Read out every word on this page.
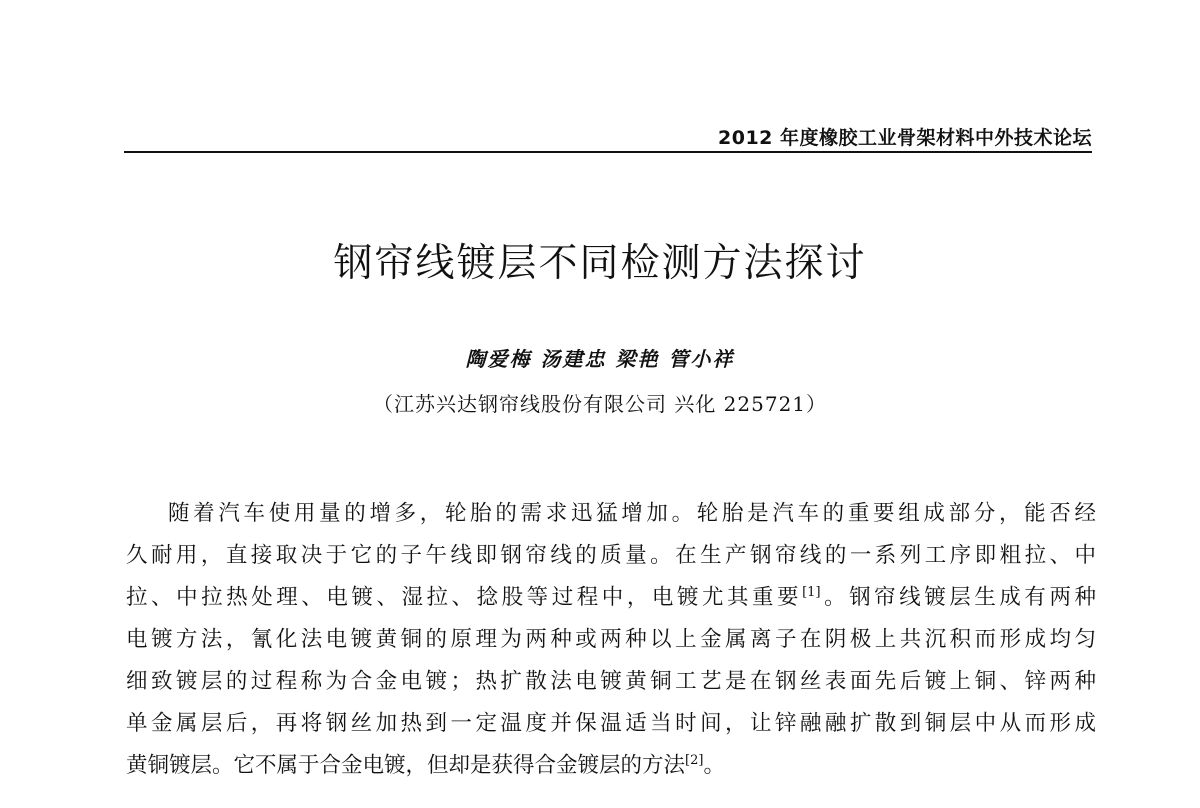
2012 年度橡胶工业骨架材料中外技术论坛
钢帘线镀层不同检测方法探讨
陶爱梅 汤建忠 梁艳 管小祥
（江苏兴达钢帘线股份有限公司 兴化 225721）
随着汽车使用量的增多，轮胎的需求迅猛增加。轮胎是汽车的重要组成部分，能否经
久耐用，直接取决于它的子午线即钢帘线的质量。在生产钢帘线的一系列工序即粗拉、中
拉、中拉热处理、电镀、湿拉、捻股等过程中，电镀尤其重要[1]。钢帘线镀层生成有两种
电镀方法，氰化法电镀黄铜的原理为两种或两种以上金属离子在阴极上共沉积而形成均匀
细致镀层的过程称为合金电镀；热扩散法电镀黄铜工艺是在钢丝表面先后镀上铜、锌两种
单金属层后，再将钢丝加热到一定温度并保温适当时间，让锌融融扩散到铜层中从而形成
黄铜镀层。它不属于合金电镀，但却是获得合金镀层的方法[2]。
